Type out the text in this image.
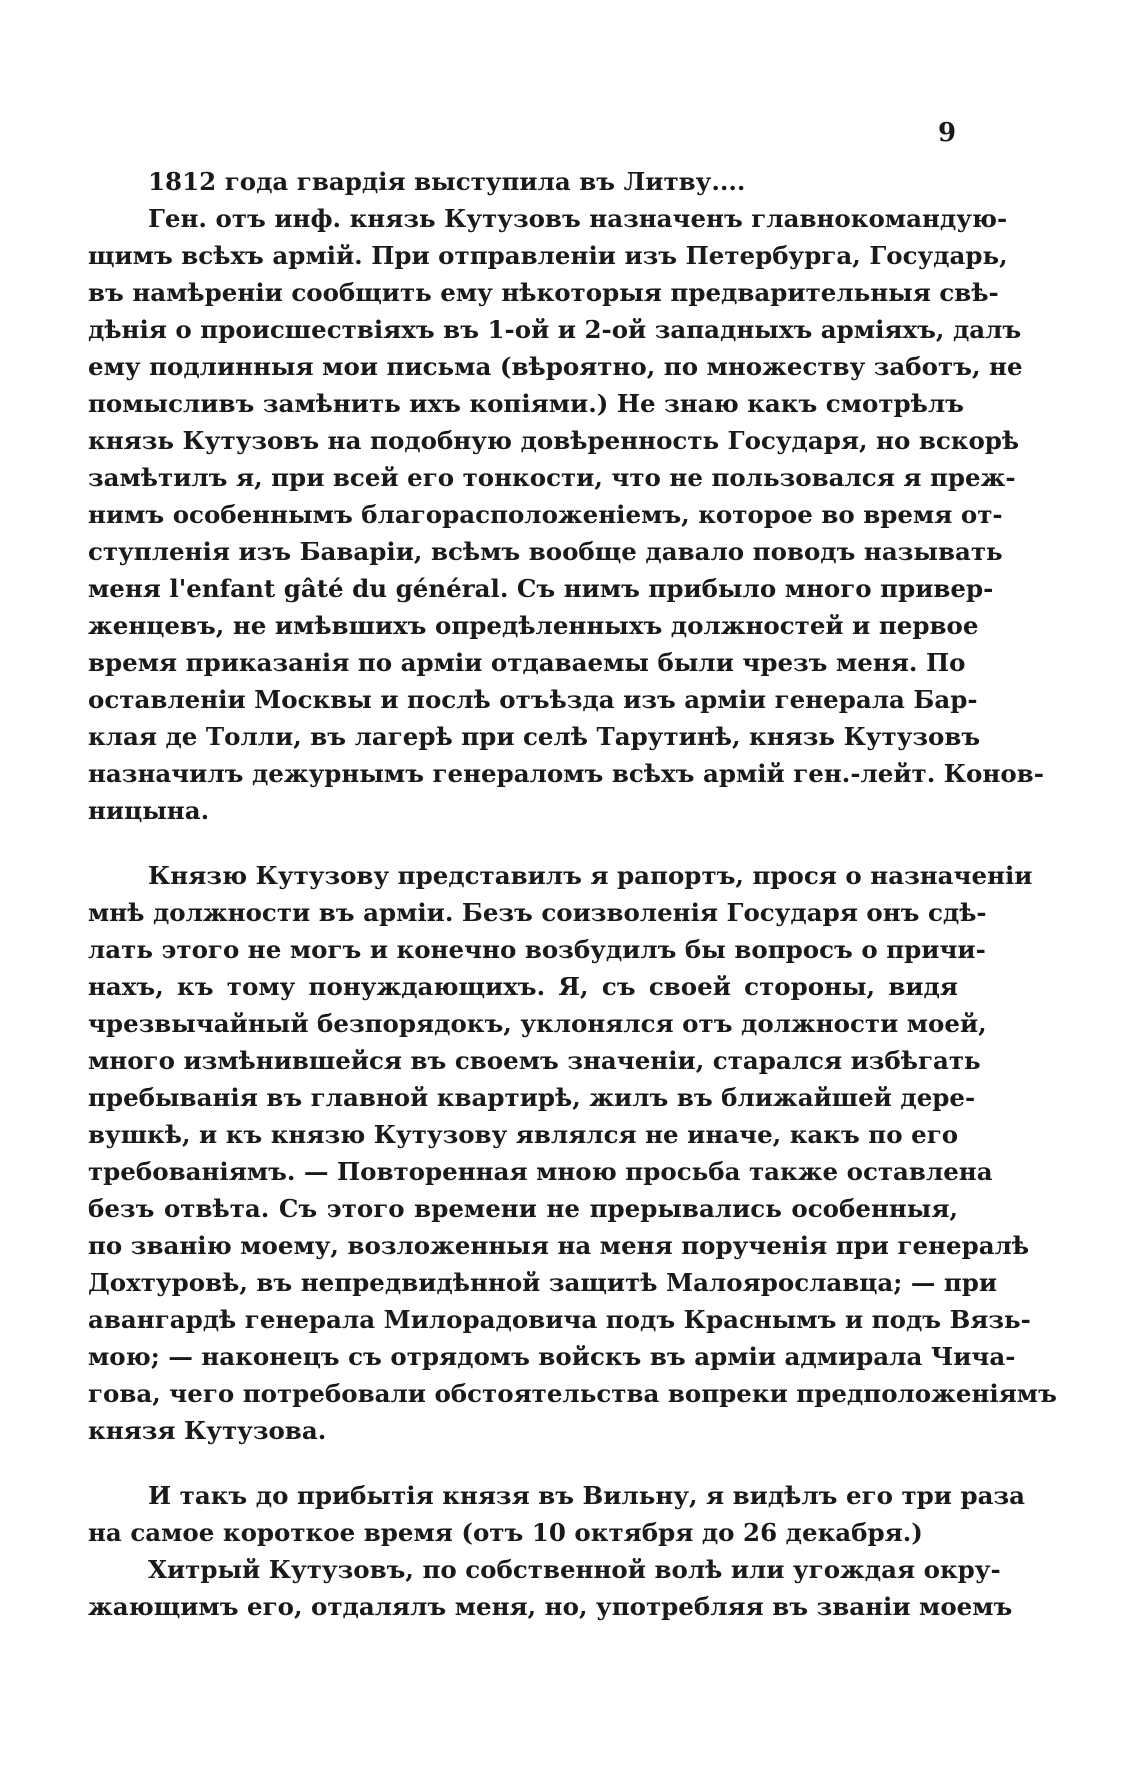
9
1812 года гвардія выступила въ Литву....
Ген. отъ инф. князь Кутузовъ назначенъ главнокомандую-
щимъ всѣхъ армій. При отправленіи изъ Петербурга, Государь,
въ намѣреніи сообщить ему нѣкоторыя предварительныя свѣ-
дѣнія о происшествіяхъ въ 1-ой и 2-ой западныхъ арміяхъ, далъ
ему подлинныя мои письма (вѣроятно, по множеству заботъ, не
помысливъ замѣнить ихъ копіями.) Не знаю какъ смотрѣлъ
князь Кутузовъ на подобную довѣренность Государя, но вскорѣ
замѣтилъ я, при всей его тонкости, что не пользовался я преж-
нимъ особеннымъ благорасположеніемъ, которое во время от-
ступленія изъ Баваріи, всѣмъ вообще давало поводъ называть
меня l'enfant gâté du général. Съ нимъ прибыло много привер-
женцевъ, не имѣвшихъ опредѣленныхъ должностей и первое
время приказанія по арміи отдаваемы были чрезъ меня. По
оставленіи Москвы и послѣ отъѣзда изъ арміи генерала Бар-
клая де Толли, въ лагерѣ при селѣ Тарутинѣ, князь Кутузовъ
назначилъ дежурнымъ генераломъ всѣхъ армій ген.-лейт. Конов-
ницына.
Князю Кутузову представилъ я рапортъ, прося о назначеніи
мнѣ должности въ арміи. Безъ соизволенія Государя онъ сдѣ-
лать этого не могъ и конечно возбудилъ бы вопросъ о причи-
нахъ, къ тому понуждающихъ. Я, съ своей стороны, видя
чрезвычайный безпорядокъ, уклонялся отъ должности моей,
много измѣнившейся въ своемъ значеніи, старался избѣгать
пребыванія въ главной квартирѣ, жилъ въ ближайшей дере-
вушкѣ, и къ князю Кутузову являлся не иначе, какъ по его
требованіямъ. — Повторенная мною просьба также оставлена
безъ отвѣта. Съ этого времени не прерывались особенныя,
по званію моему, возложенныя на меня порученія при генералѣ
Дохтуровѣ, въ непредвидѣнной защитѣ Малоярославца; — при
авангардѣ генерала Милорадовича подъ Краснымъ и подъ Вязь-
мою; — наконецъ съ отрядомъ войскъ въ арміи адмирала Чича-
гова, чего потребовали обстоятельства вопреки предположеніямъ
князя Кутузова.
И такъ до прибытія князя въ Вильну, я видѣлъ его три раза
на самое короткое время (отъ 10 октября до 26 декабря.)
Хитрый Кутузовъ, по собственной волѣ или угождая окру-
жающимъ его, отдалялъ меня, но, употребляя въ званіи моемъ
